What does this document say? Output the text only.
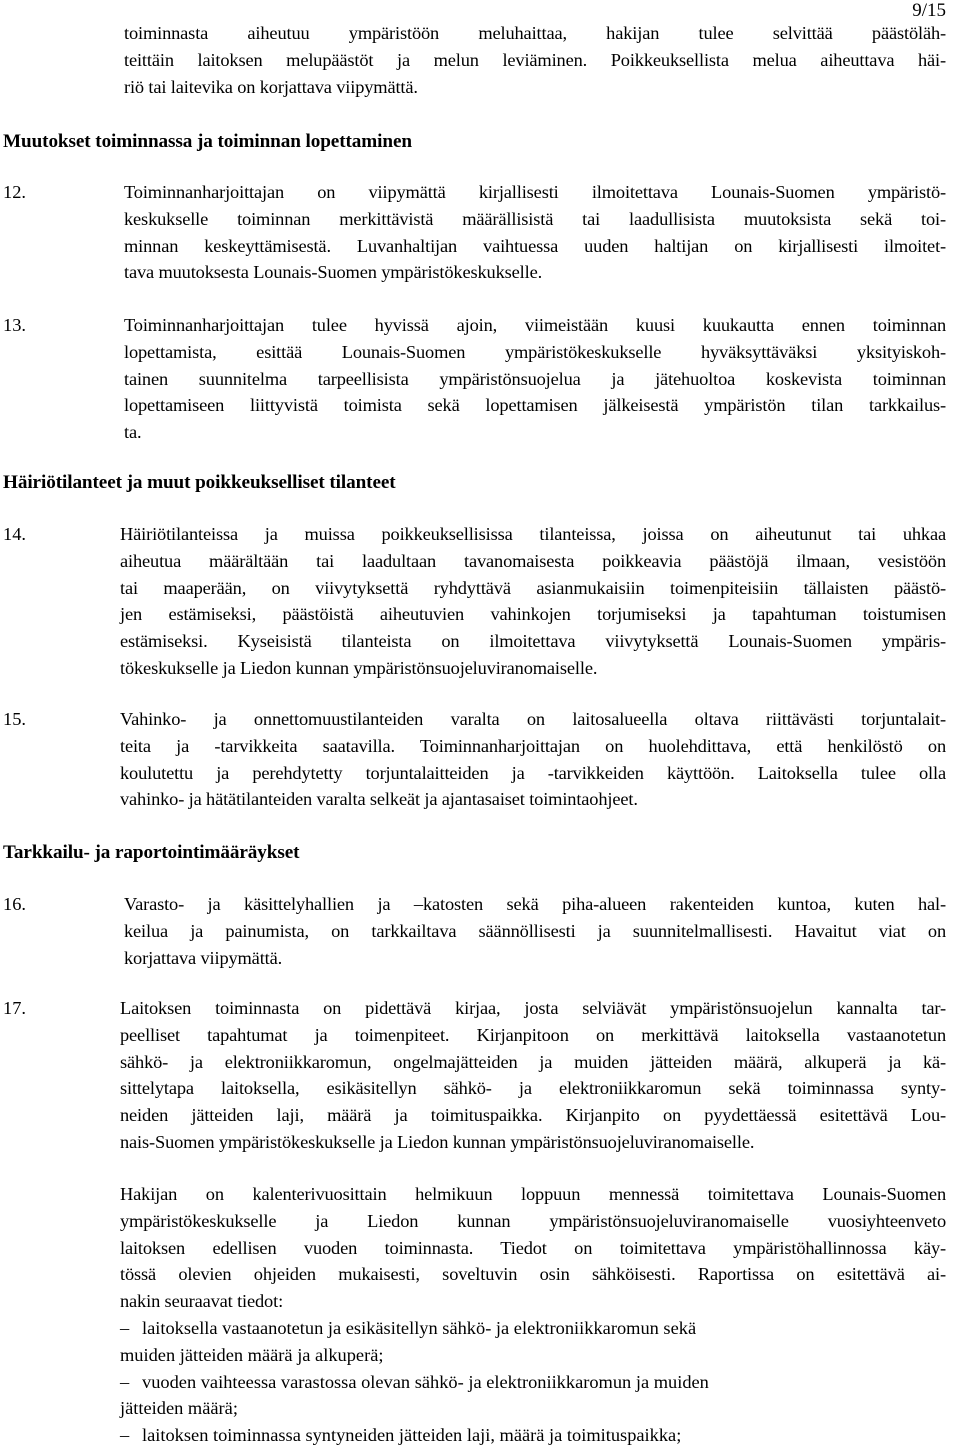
9/15
toiminnasta aiheutuu ympäristöön meluhaittaa, hakijan tulee selvittää päästöläh-
teittäin laitoksen melupäästöt ja melun leviäminen. Poikkeuksellista melua aiheuttava häi-
riö tai laitevika on korjattava viipymättä.
Muutokset toiminnassa ja toiminnan lopettaminen
12.	Toiminnanharjoittajan on viipymättä kirjallisesti ilmoitettava Lounais-Suomen ympäristö-
keskukselle toiminnan merkittävistä määrällisistä tai laadullisista muutoksista sekä toi-
minnan keskeyttämisestä. Luvanhaltijan vaihtuessa uuden haltijan on kirjallisesti ilmoitet-
tava muutoksesta Lounais-Suomen ympäristökeskukselle.
13.	Toiminnanharjoittajan tulee hyvissä ajoin, viimeistään kuusi kuukautta ennen toiminnan
lopettamista, esittää Lounais-Suomen ympäristökeskukselle hyväksyttäväksi yksityiskoh-
tainen suunnitelma tarpeellisista ympäristönsuojelua ja jätehuoltoa koskevista toiminnan
lopettamiseen liittyvistä toimista sekä lopettamisen jälkeisestä ympäristön tilan tarkkailus-
ta.
Häiriötilanteet ja muut poikkeukselliset tilanteet
14.	Häiriötilanteissa ja muissa poikkeuksellisissa tilanteissa, joissa on aiheutunut tai uhkaa
aiheutua määrältään tai laadultaan tavanomaisesta poikkeavia päästöjä ilmaan, vesistöön
tai maaperään, on viivytyksettä ryhdyttävä asianmukaisiin toimenpiteisiin tällaisten päästö-
jen estämiseksi, päästöistä aiheutuvien vahinkojen torjumiseksi ja tapahtuman toistumisen
estämiseksi. Kyseisistä tilanteista on ilmoitettava viivytyksettä Lounais-Suomen ympäris-
tökeskukselle ja Liedon kunnan ympäristönsuojeluviranomaiselle.
15.	Vahinko- ja onnettomuustilanteiden varalta on laitosalueella oltava riittävästi torjuntalait-
teita ja -tarvikkeita saatavilla. Toiminnanharjoittajan on huolehdittava, että henkilöstö on
koulutettu ja perehdytetty torjuntalaitteiden ja -tarvikkeiden käyttöön. Laitoksella tulee olla
vahinko- ja hätätilanteiden varalta selkeät ja ajantasaiset toimintaohjeet.
Tarkkailu- ja raportointimääräykset
16.	Varasto- ja käsittelyhallien ja –katosten sekä piha-alueen rakenteiden kuntoa, kuten hal-
keilua ja painumista, on tarkkailtava säännöllisesti ja suunnitelmallisesti. Havaitut viat on
korjattava viipymättä.
17.	Laitoksen toiminnasta on pidettävä kirjaa, josta selviävät ympäristönsuojelun kannalta tar-
peelliset tapahtumat ja toimenpiteet. Kirjanpitoon on merkittävä laitoksella vastaanotetun
sähkö- ja elektroniikkaromun, ongelmajätteiden ja muiden jätteiden määrä, alkuperä ja kä-
sittelytapa laitoksella, esikäsitellyn sähkö- ja elektroniikkaromun sekä toiminnassa synty-
neiden jätteiden laji, määrä ja toimituspaikka. Kirjanpito on pyydettäessä esitettävä Lou-
nais-Suomen ympäristökeskukselle ja Liedon kunnan ympäristönsuojeluviranomaiselle.
Hakijan on kalenterivuosittain helmikuun loppuun mennessä toimitettava Lounais-Suomen
ympäristökeskukselle ja Liedon kunnan ympäristönsuojeluviranomaiselle vuosiyhteenveto
laitoksen edellisen vuoden toiminnasta. Tiedot on toimitettava ympäristöhallinnossa käy-
tössä olevien ohjeiden mukaisesti, soveltuvin osin sähköisesti. Raportissa on esitettävä ai-
nakin seuraavat tiedot:
– laitoksella vastaanotetun ja esikäsitellyn sähkö- ja elektroniikkaromun sekä
muiden jätteiden määrä ja alkuperä;
– vuoden vaihteessa varastossa olevan sähkö- ja elektroniikkaromun ja muiden
jätteiden määrä;
– laitoksen toiminnassa syntyneiden jätteiden laji, määrä ja toimituspaikka;
